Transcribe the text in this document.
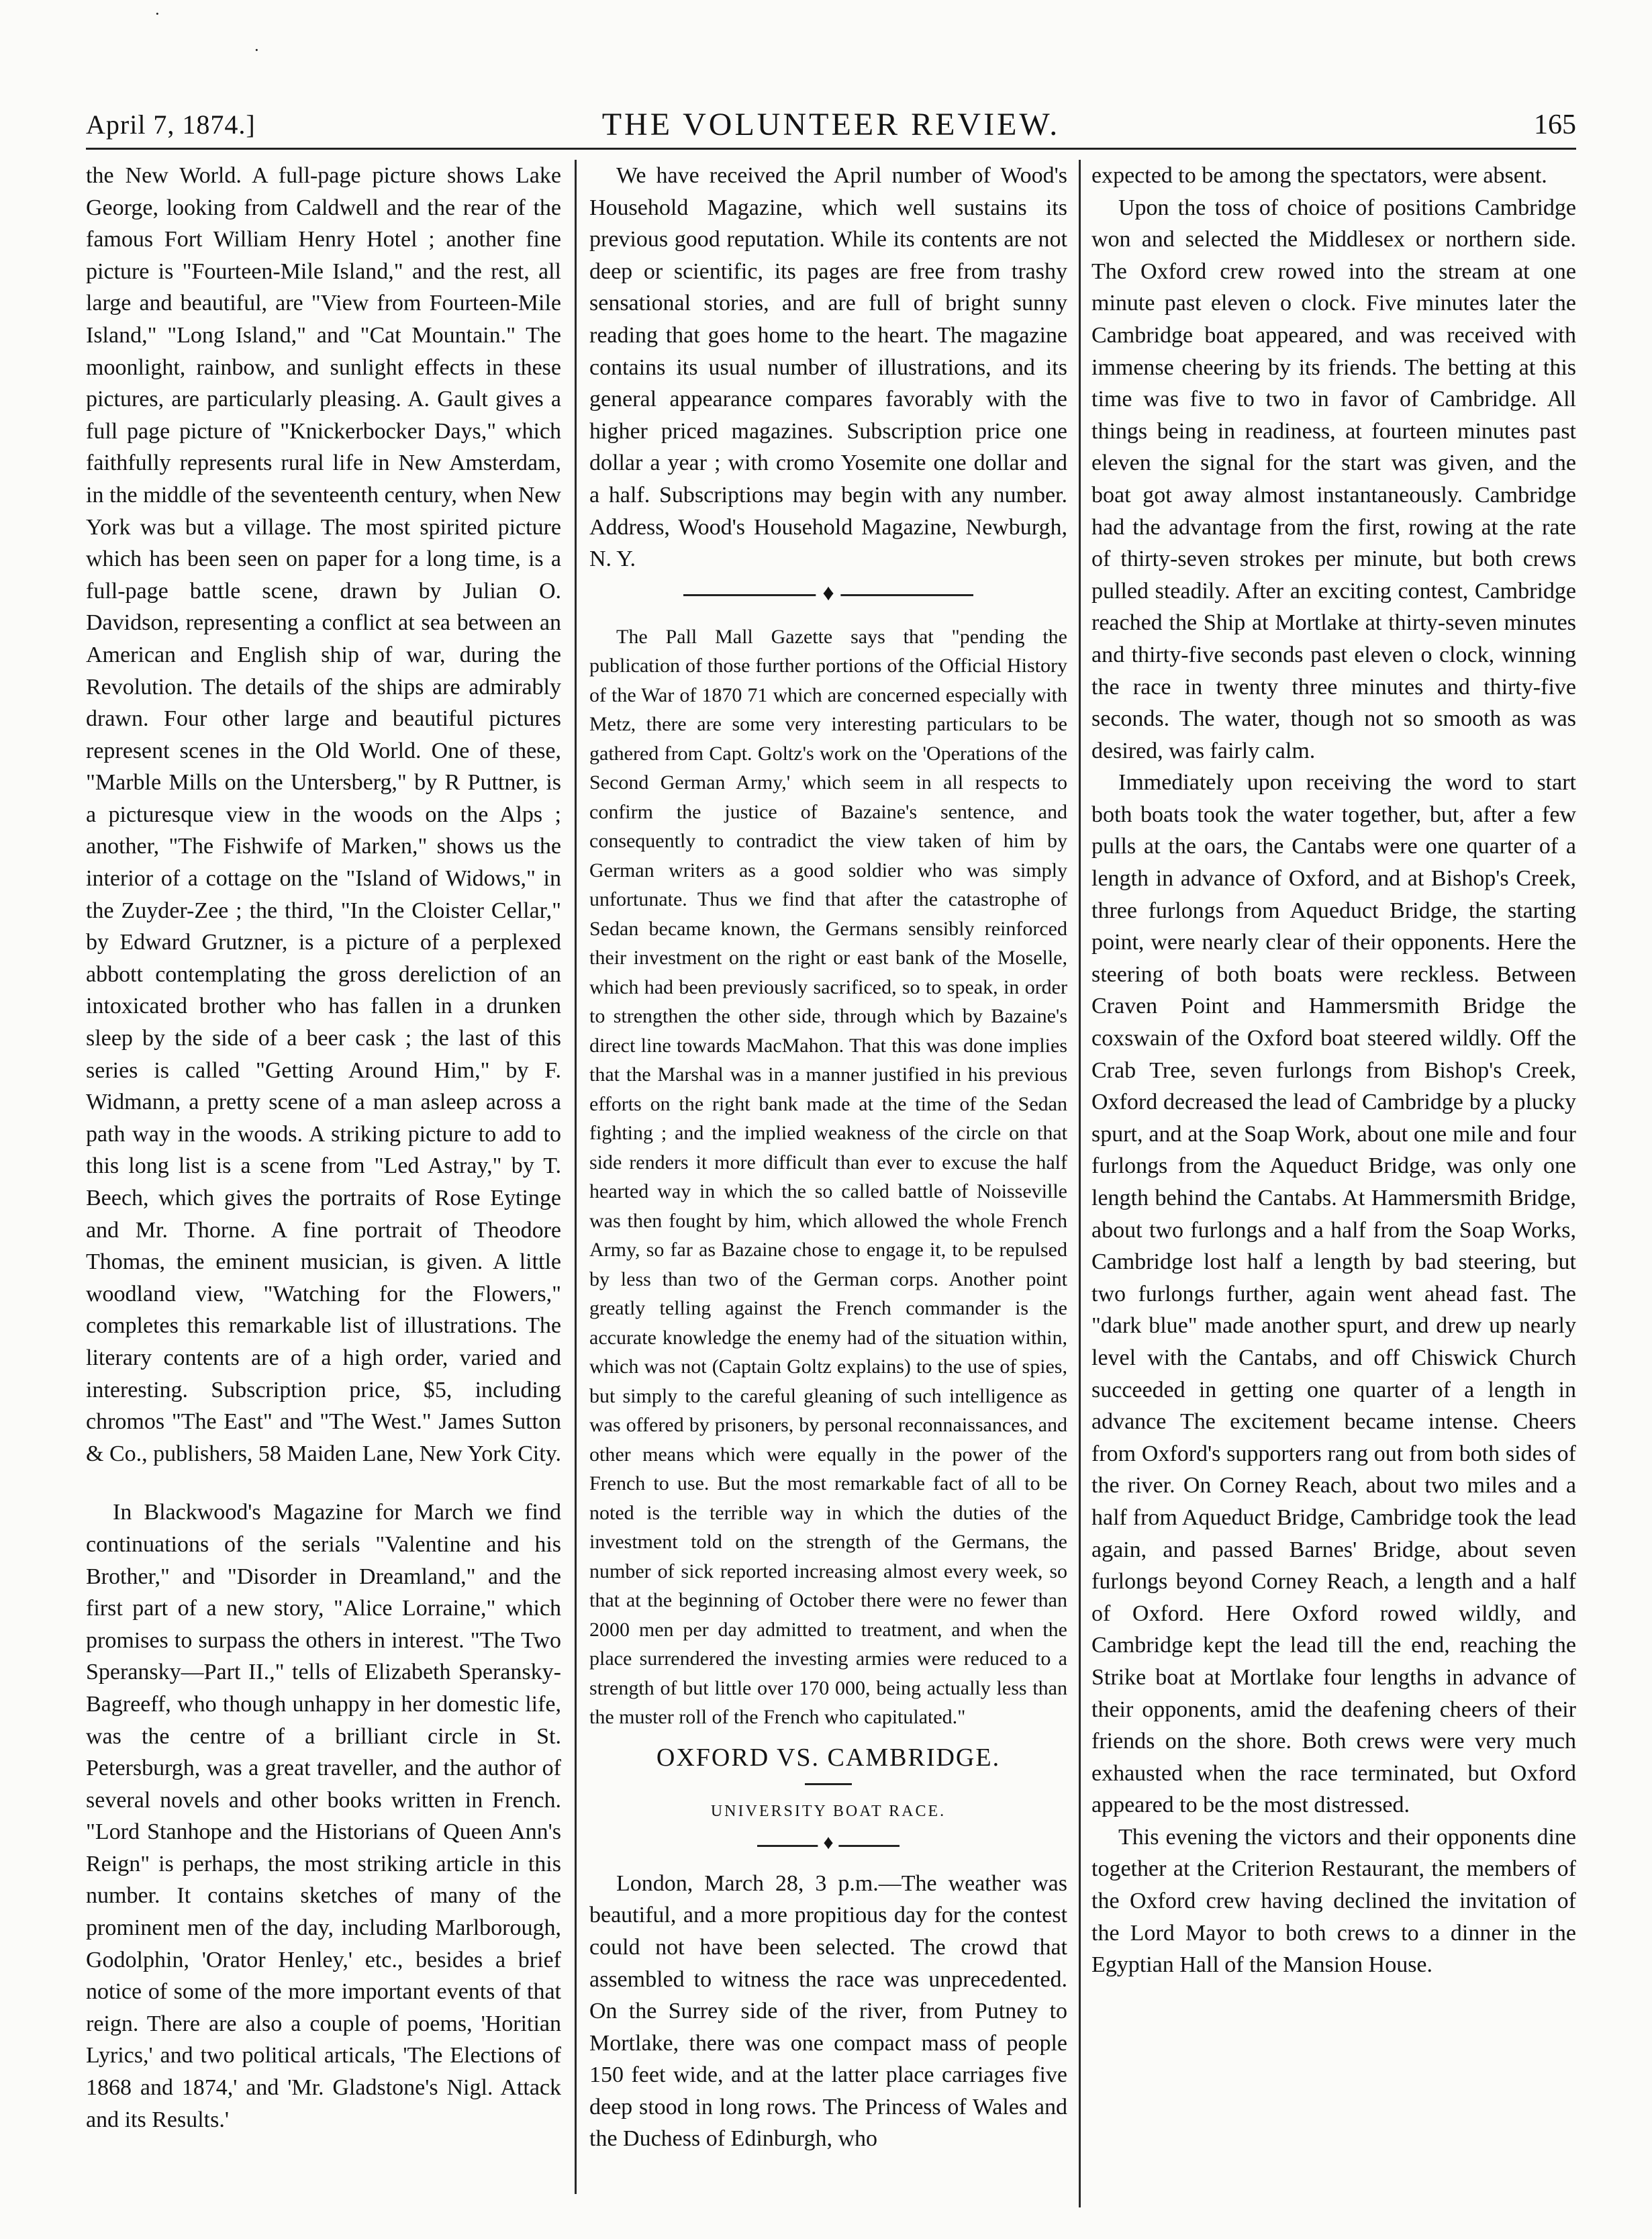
·
·
April 7, 1874.]	THE VOLUNTEER REVIEW.	165

the New World. A full-page picture shows Lake George, looking from Caldwell and the rear of the famous Fort William Henry Hotel ; another fine picture is "Fourteen-Mile Island," and the rest, all large and beautiful, are "View from Fourteen-Mile Island," "Long Island," and "Cat Mountain." The moonlight, rainbow, and sunlight effects in these pictures, are particularly pleasing. A. Gault gives a full page picture of "Knickerbocker Days," which faithfully represents rural life in New Amsterdam, in the middle of the seventeenth century, when New York was but a village. The most spirited picture which has been seen on paper for a long time, is a full-page battle scene, drawn by Julian O. Davidson, representing a conflict at sea between an American and English ship of war, during the Revolution. The details of the ships are admirably drawn. Four other large and beautiful pictures represent scenes in the Old World. One of these, "Marble Mills on the Untersberg," by R Puttner, is a picturesque view in the woods on the Alps ; another, "The Fishwife of Marken," shows us the interior of a cottage on the "Island of Widows," in the Zuyder-Zee ; the third, "In the Cloister Cellar," by Edward Grutzner, is a picture of a perplexed abbott contemplating the gross dereliction of an intoxicated brother who has fallen in a drunken sleep by the side of a beer cask ; the last of this series is called "Getting Around Him," by F. Widmann, a pretty scene of a man asleep across a path way in the woods. A striking picture to add to this long list is a scene from "Led Astray," by T. Beech, which gives the portraits of Rose Eytinge and Mr. Thorne. A fine portrait of Theodore Thomas, the eminent musician, is given. A little woodland view, "Watching for the Flowers," completes this remarkable list of illustrations. The literary contents are of a high order, varied and interesting. Subscription price, $5, including chromos "The East" and "The West." James Sutton & Co., publishers, 58 Maiden Lane, New York City.

In Blackwood's Magazine for March we find continuations of the serials "Valentine and his Brother," and "Disorder in Dreamland," and the first part of a new story, "Alice Lorraine," which promises to surpass the others in interest. "The Two Speransky—Part II.," tells of Elizabeth Speransky-Bagreeff, who though unhappy in her domestic life, was the centre of a brilliant circle in St. Petersburgh, was a great traveller, and the author of several novels and other books written in French. "Lord Stanhope and the Historians of Queen Ann's Reign" is perhaps, the most striking article in this number. It contains sketches of many of the prominent men of the day, including Marlborough, Godolphin, 'Orator Henley,' etc., besides a brief notice of some of the more important events of that reign. There are also a couple of poems, 'Horitian Lyrics,' and two political articals, 'The Elections of 1868 and 1874,' and 'Mr. Gladstone's Nigl. Attack and its Results.'

We have received the April number of Wood's Household Magazine, which well sustains its previous good reputation. While its contents are not deep or scientific, its pages are free from trashy sensational stories, and are full of bright sunny reading that goes home to the heart. The magazine contains its usual number of illustrations, and its general appearance compares favorably with the higher priced magazines. Subscription price one dollar a year ; with cromo Yosemite one dollar and a half. Subscriptions may begin with any number. Address, Wood's Household Magazine, Newburgh, N. Y.

♦

The Pall Mall Gazette says that "pending the publication of those further portions of the Official History of the War of 1870 71 which are concerned especially with Metz, there are some very interesting particulars to be gathered from Capt. Goltz's work on the 'Operations of the Second German Army,' which seem in all respects to confirm the justice of Bazaine's sentence, and consequently to contradict the view taken of him by German writers as a good soldier who was simply unfortunate. Thus we find that after the catastrophe of Sedan became known, the Germans sensibly reinforced their investment on the right or east bank of the Moselle, which had been previously sacrificed, so to speak, in order to strengthen the other side, through which by Bazaine's direct line towards MacMahon. That this was done implies that the Marshal was in a manner justified in his previous efforts on the right bank made at the time of the Sedan fighting ; and the implied weakness of the circle on that side renders it more difficult than ever to excuse the half hearted way in which the so called battle of Noisseville was then fought by him, which allowed the whole French Army, so far as Bazaine chose to engage it, to be repulsed by less than two of the German corps. Another point greatly telling against the French commander is the accurate knowledge the enemy had of the situation within, which was not (Captain Goltz explains) to the use of spies, but simply to the careful gleaning of such intelligence as was offered by prisoners, by personal reconnaissances, and other means which were equally in the power of the French to use. But the most remarkable fact of all to be noted is the terrible way in which the duties of the investment told on the strength of the Germans, the number of sick reported increasing almost every week, so that at the beginning of October there were no fewer than 2000 men per day admitted to treatment, and when the place surrendered the investing armies were reduced to a strength of but little over 170 000, being actually less than the muster roll of the French who capitulated."

OXFORD VS. CAMBRIDGE.
UNIVERSITY BOAT RACE.
♦

London, March 28, 3 p.m.—The weather was beautiful, and a more propitious day for the contest could not have been selected. The crowd that assembled to witness the race was unprecedented. On the Surrey side of the river, from Putney to Mortlake, there was one compact mass of people 150 feet wide, and at the latter place carriages five deep stood in long rows. The Princess of Wales and the Duchess of Edinburgh, who

expected to be among the spectators, were absent.

Upon the toss of choice of positions Cambridge won and selected the Middlesex or northern side. The Oxford crew rowed into the stream at one minute past eleven o clock. Five minutes later the Cambridge boat appeared, and was received with immense cheering by its friends. The betting at this time was five to two in favor of Cambridge. All things being in readiness, at fourteen minutes past eleven the signal for the start was given, and the boat got away almost instantaneously. Cambridge had the advantage from the first, rowing at the rate of thirty-seven strokes per minute, but both crews pulled steadily. After an exciting contest, Cambridge reached the Ship at Mortlake at thirty-seven minutes and thirty-five seconds past eleven o clock, winning the race in twenty three minutes and thirty-five seconds. The water, though not so smooth as was desired, was fairly calm.

Immediately upon receiving the word to start both boats took the water together, but, after a few pulls at the oars, the Cantabs were one quarter of a length in advance of Oxford, and at Bishop's Creek, three furlongs from Aqueduct Bridge, the starting point, were nearly clear of their opponents. Here the steering of both boats were reckless. Between Craven Point and Hammersmith Bridge the coxswain of the Oxford boat steered wildly. Off the Crab Tree, seven furlongs from Bishop's Creek, Oxford decreased the lead of Cambridge by a plucky spurt, and at the Soap Work, about one mile and four furlongs from the Aqueduct Bridge, was only one length behind the Cantabs. At Hammersmith Bridge, about two furlongs and a half from the Soap Works, Cambridge lost half a length by bad steering, but two furlongs further, again went ahead fast. The "dark blue" made another spurt, and drew up nearly level with the Cantabs, and off Chiswick Church succeeded in getting one quarter of a length in advance The excitement became intense. Cheers from Oxford's supporters rang out from both sides of the river. On Corney Reach, about two miles and a half from Aqueduct Bridge, Cambridge took the lead again, and passed Barnes' Bridge, about seven furlongs beyond Corney Reach, a length and a half of Oxford. Here Oxford rowed wildly, and Cambridge kept the lead till the end, reaching the Strike boat at Mortlake four lengths in advance of their opponents, amid the deafening cheers of their friends on the shore. Both crews were very much exhausted when the race terminated, but Oxford appeared to be the most distressed.

This evening the victors and their opponents dine together at the Criterion Restaurant, the members of the Oxford crew having declined the invitation of the Lord Mayor to both crews to a dinner in the Egyptian Hall of the Mansion House.
